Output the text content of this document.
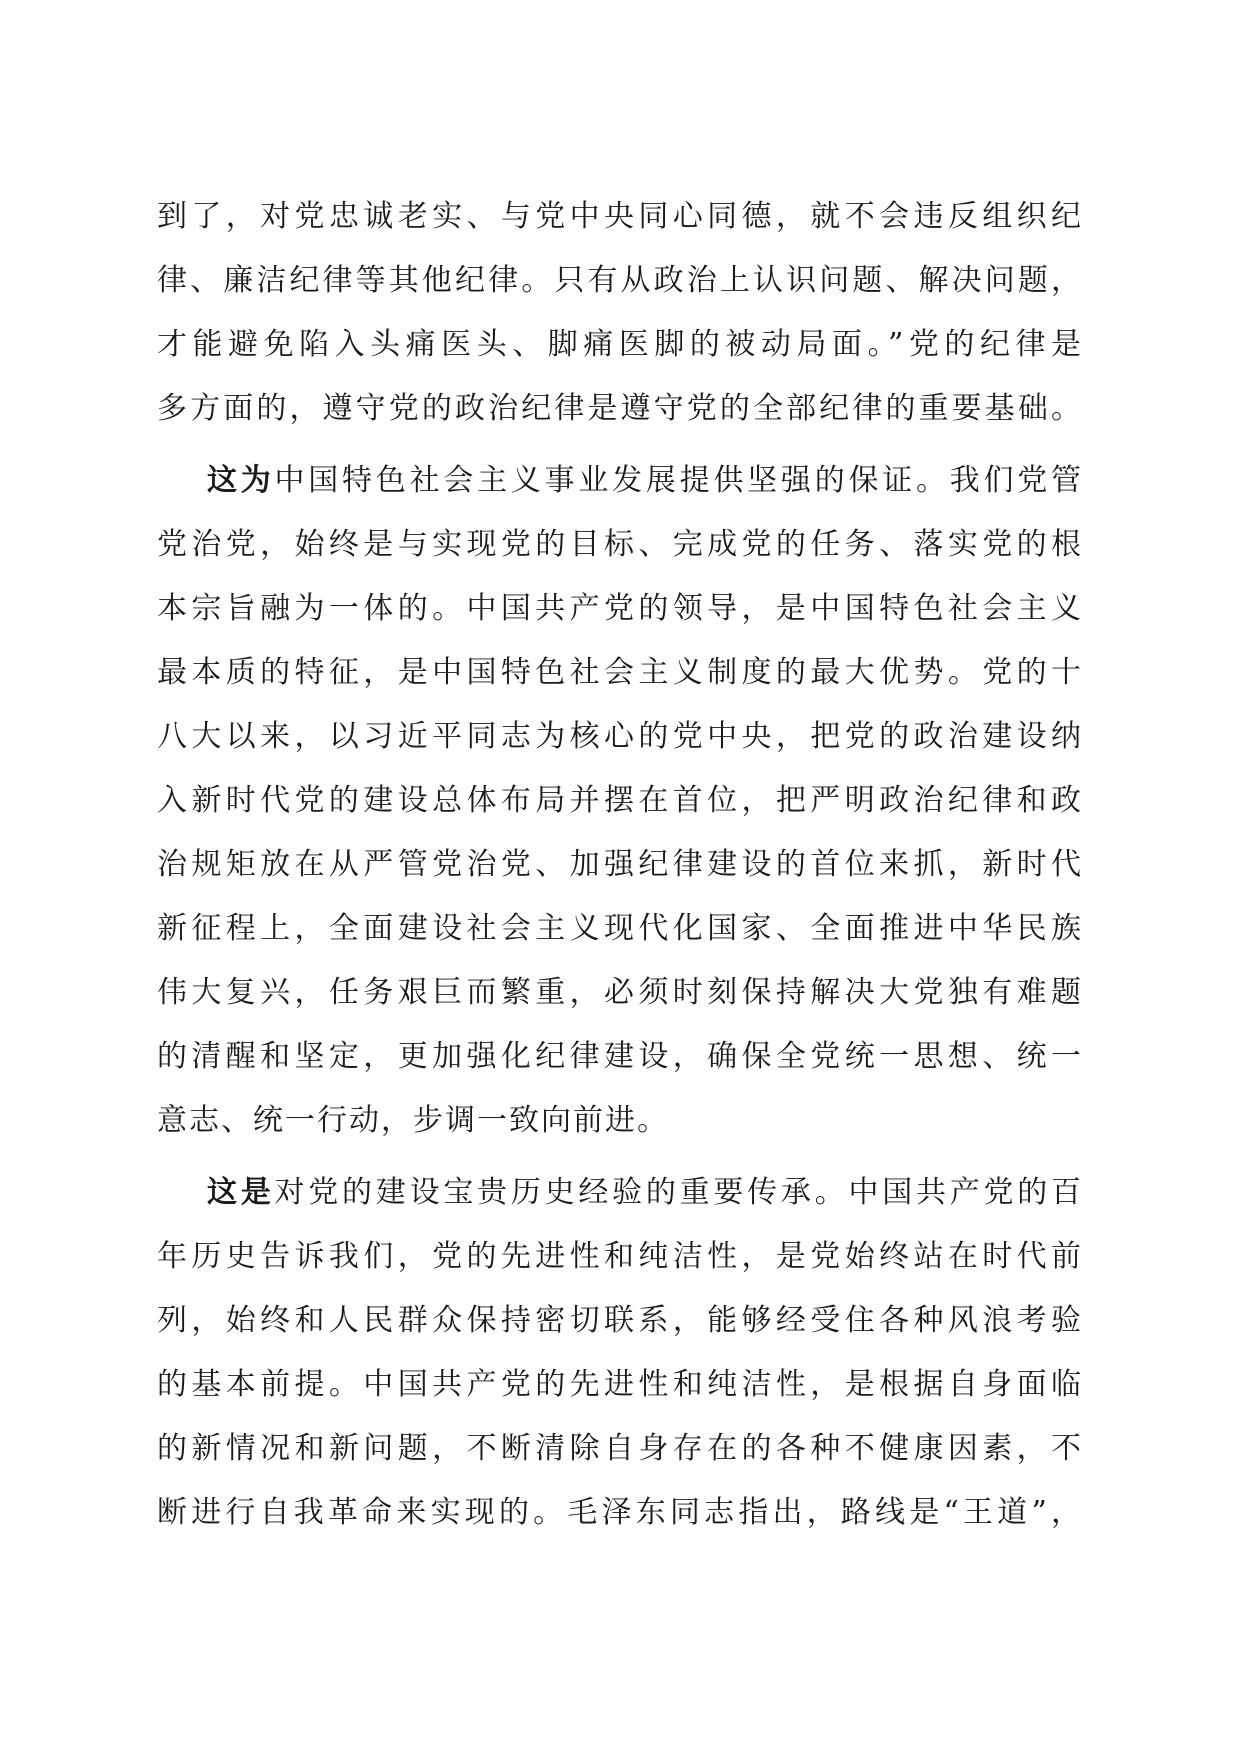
到了，对党忠诚老实、与党中央同心同德，就不会违反组织纪
律、廉洁纪律等其他纪律。只有从政治上认识问题、解决问题，
才能避免陷入头痛医头、脚痛医脚的被动局面。”党的纪律是
多方面的，遵守党的政治纪律是遵守党的全部纪律的重要基础。
这为中国特色社会主义事业发展提供坚强的保证。我们党管
党治党，始终是与实现党的目标、完成党的任务、落实党的根
本宗旨融为一体的。中国共产党的领导，是中国特色社会主义
最本质的特征，是中国特色社会主义制度的最大优势。党的十
八大以来，以习近平同志为核心的党中央，把党的政治建设纳
入新时代党的建设总体布局并摆在首位，把严明政治纪律和政
治规矩放在从严管党治党、加强纪律建设的首位来抓，新时代
新征程上，全面建设社会主义现代化国家、全面推进中华民族
伟大复兴，任务艰巨而繁重，必须时刻保持解决大党独有难题
的清醒和坚定，更加强化纪律建设，确保全党统一思想、统一
意志、统一行动，步调一致向前进。
这是对党的建设宝贵历史经验的重要传承。中国共产党的百
年历史告诉我们，党的先进性和纯洁性，是党始终站在时代前
列，始终和人民群众保持密切联系，能够经受住各种风浪考验
的基本前提。中国共产党的先进性和纯洁性，是根据自身面临
的新情况和新问题，不断清除自身存在的各种不健康因素，不
断进行自我革命来实现的。毛泽东同志指出，路线是“王道”，
